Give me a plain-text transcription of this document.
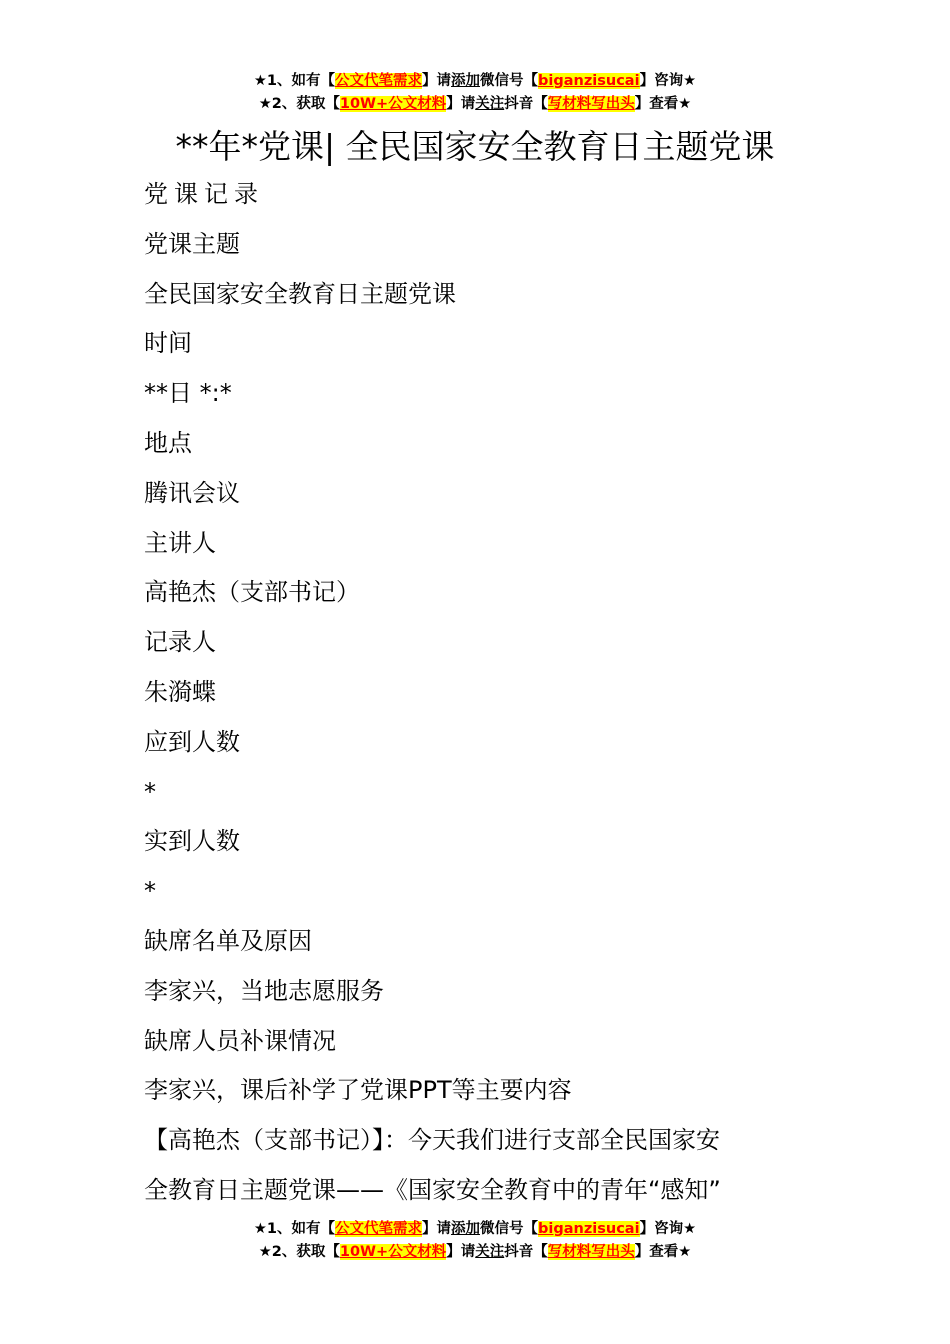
★1、如有【公文代笔需求】请添加微信号【biganzisucai】咨询★
★2、获取【10W+公文材料】请关注抖音【写材料写出头】查看★
**年*党课| 全民国家安全教育日主题党课
党课记录
党课主题
全民国家安全教育日主题党课
时间
**日 *:*
地点
腾讯会议
主讲人
高艳杰（支部书记）
记录人
朱漪蝶
应到人数
*
实到人数
*
缺席名单及原因
李家兴，当地志愿服务
缺席人员补课情况
李家兴，课后补学了党课PPT等主要内容
【高艳杰（支部书记）】：今天我们进行支部全民国家安
全教育日主题党课——《国家安全教育中的青年“感知”
★1、如有【公文代笔需求】请添加微信号【biganzisucai】咨询★
★2、获取【10W+公文材料】请关注抖音【写材料写出头】查看★
